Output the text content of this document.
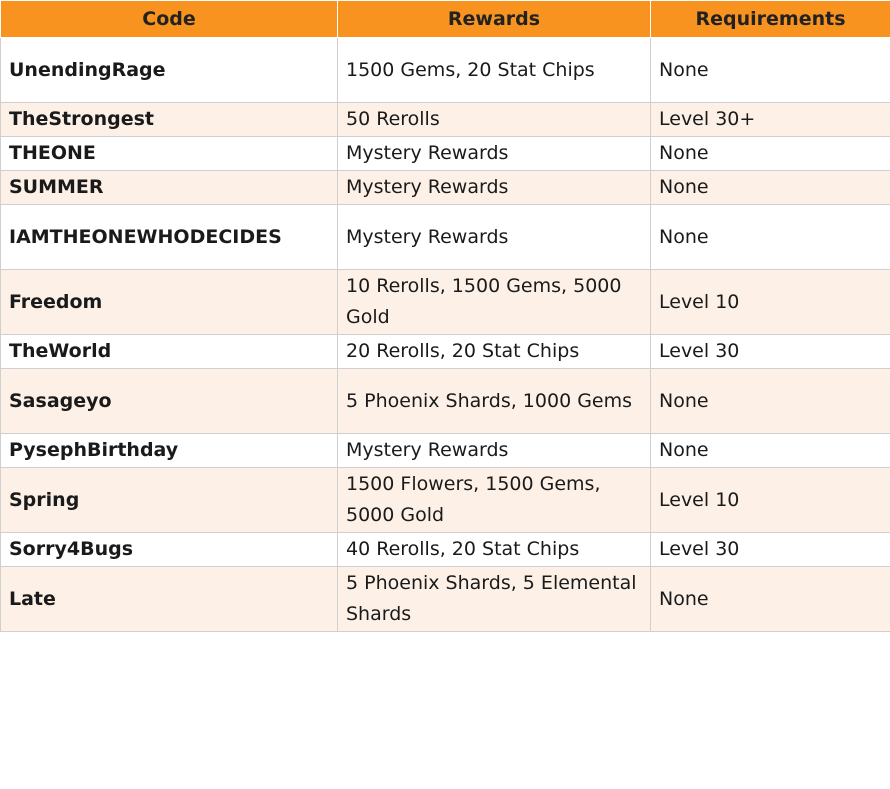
Code	Rewards	Requirements
UnendingRage	1500 Gems, 20 Stat Chips	None
TheStrongest	50 Rerolls	Level 30+
THEONE	Mystery Rewards	None
SUMMER	Mystery Rewards	None
IAMTHEONEWHODECIDES	Mystery Rewards	None
Freedom	10 Rerolls, 1500 Gems, 5000 Gold	Level 10
TheWorld	20 Rerolls, 20 Stat Chips	Level 30
Sasageyo	5 Phoenix Shards, 1000 Gems	None
PysephBirthday	Mystery Rewards	None
Spring	1500 Flowers, 1500 Gems, 5000 Gold	Level 10
Sorry4Bugs	40 Rerolls, 20 Stat Chips	Level 30
Late	5 Phoenix Shards, 5 Elemental Shards	None
